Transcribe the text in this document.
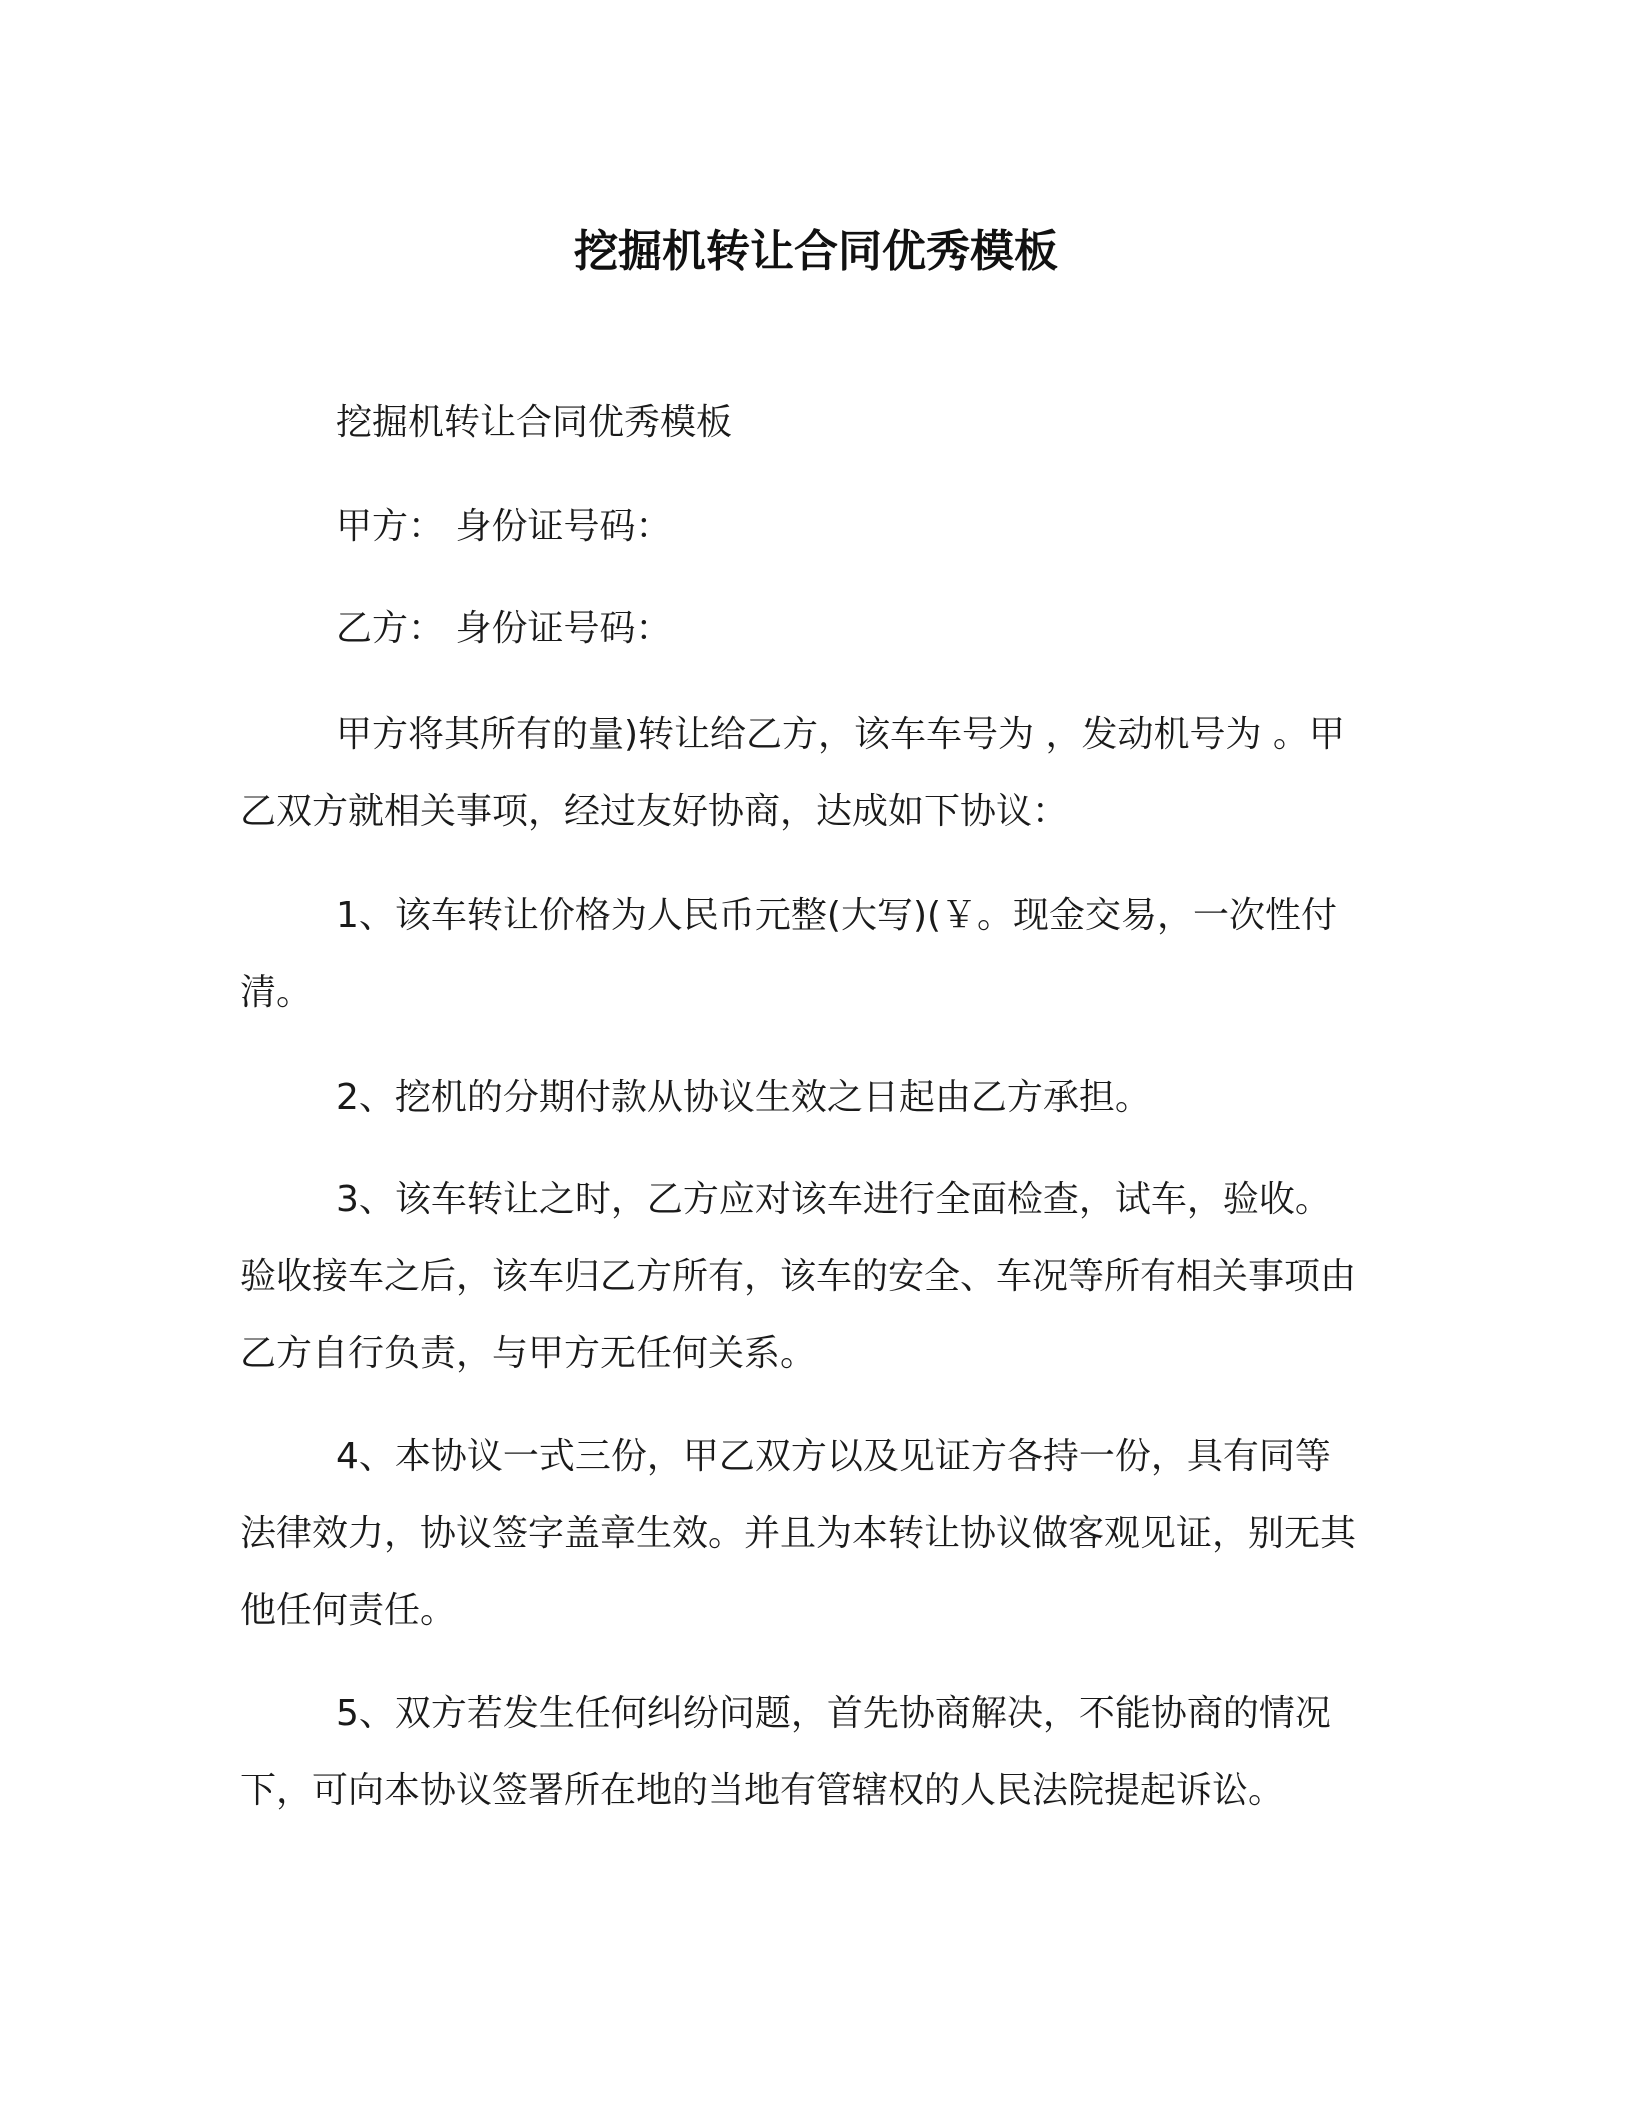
挖掘机转让合同优秀模板

挖掘机转让合同优秀模板

甲方： 身份证号码：

乙方： 身份证号码：

甲方将其所有的量)转让给乙方，该车车号为 ，发动机号为 。甲乙双方就相关事项，经过友好协商，达成如下协议：

1、该车转让价格为人民币元整(大写)(￥。现金交易，一次性付清。

2、挖机的分期付款从协议生效之日起由乙方承担。

3、该车转让之时，乙方应对该车进行全面检查，试车，验收。验收接车之后，该车归乙方所有，该车的安全、车况等所有相关事项由乙方自行负责，与甲方无任何关系。

4、本协议一式三份，甲乙双方以及见证方各持一份，具有同等法律效力，协议签字盖章生效。并且为本转让协议做客观见证，别无其他任何责任。

5、双方若发生任何纠纷问题，首先协商解决，不能协商的情况下，可向本协议签署所在地的当地有管辖权的人民法院提起诉讼。
